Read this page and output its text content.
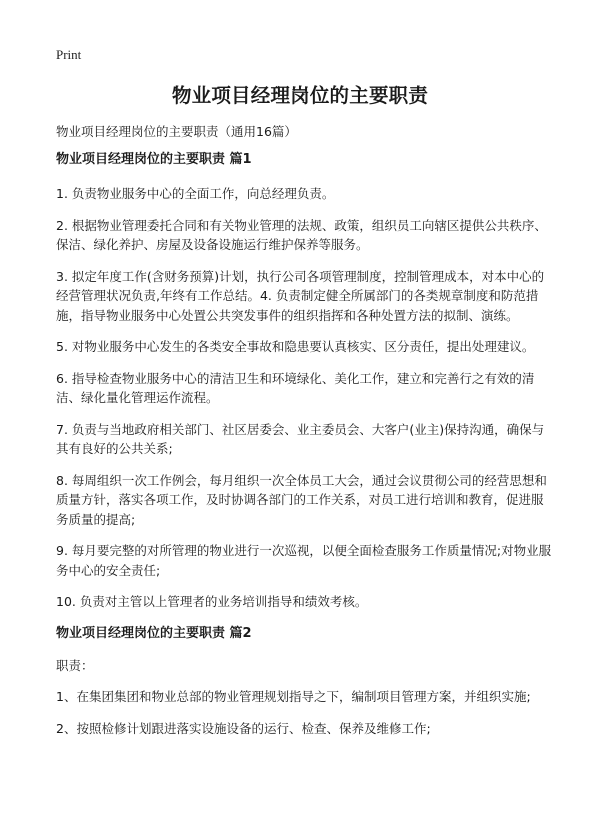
Print
物业项目经理岗位的主要职责

物业项目经理岗位的主要职责（通用16篇）

物业项目经理岗位的主要职责 篇1

1. 负责物业服务中心的全面工作，向总经理负责。

2. 根据物业管理委托合同和有关物业管理的法规、政策，组织员工向辖区提供公共秩序、保洁、绿化养护、房屋及设备设施运行维护保养等服务。

3. 拟定年度工作(含财务预算)计划，执行公司各项管理制度，控制管理成本，对本中心的经营管理状况负责,年终有工作总结。4. 负责制定健全所属部门的各类规章制度和防范措施，指导物业服务中心处置公共突发事件的组织指挥和各种处置方法的拟制、演练。

5. 对物业服务中心发生的各类安全事故和隐患要认真核实、区分责任，提出处理建议。

6. 指导检查物业服务中心的清洁卫生和环境绿化、美化工作，建立和完善行之有效的清洁、绿化量化管理运作流程。

7. 负责与当地政府相关部门、社区居委会、业主委员会、大客户(业主)保持沟通，确保与其有良好的公共关系;

8. 每周组织一次工作例会，每月组织一次全体员工大会，通过会议贯彻公司的经营思想和质量方针，落实各项工作，及时协调各部门的工作关系，对员工进行培训和教育，促进服务质量的提高;

9. 每月要完整的对所管理的物业进行一次巡视，以便全面检查服务工作质量情况;对物业服务中心的安全责任;

10. 负责对主管以上管理者的业务培训指导和绩效考核。

物业项目经理岗位的主要职责 篇2

职责：

1、在集团集团和物业总部的物业管理规划指导之下，编制项目管理方案，并组织实施;

2、按照检修计划跟进落实设施设备的运行、检查、保养及维修工作;
